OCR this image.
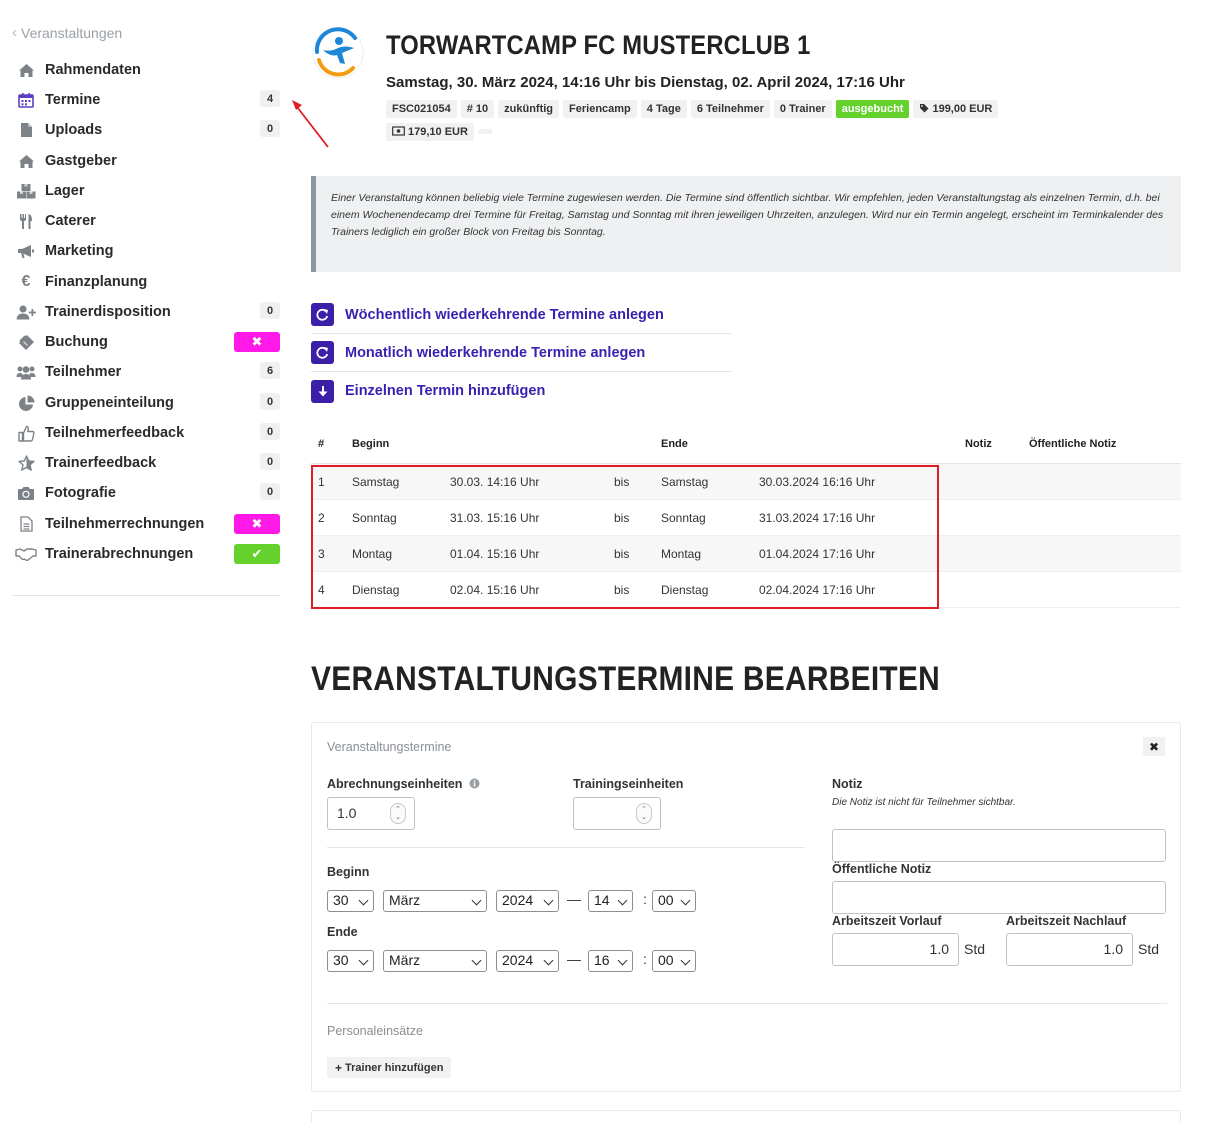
‹ Veranstaltungen
Rahmendaten
Termine	4
Uploads	0
Gastgeber
Lager
Caterer
Marketing
€	Finanzplanung
Trainerdisposition	0
Buchung	✖
Teilnehmer	6
Gruppeneinteilung	0
Teilnehmerfeedback	0
Trainerfeedback	0
Fotografie	0
Teilnehmerrechnungen	✖
Trainerabrechnungen	✔
TORWARTCAMP FC MUSTERCLUB 1
Samstag, 30. März 2024, 14:16 Uhr bis Dienstag, 02. April 2024, 17:16 Uhr
FSC021054	# 10	zukünftig	Feriencamp	4 Tage	6 Teilnehmer	0 Trainer	ausgebucht	199,00 EUR
179,10 EUR
Einer Veranstaltung können beliebig viele Termine zugewiesen werden. Die Termine sind öffentlich sichtbar. Wir empfehlen, jeden Veranstaltungstag als einzelnen Termin, d.h. bei einem Wochenendecamp drei Termine für Freitag, Samstag und Sonntag mit ihren jeweiligen Uhrzeiten, anzulegen. Wird nur ein Termin angelegt, erscheint im Terminkalender des Trainers lediglich ein großer Block von Freitag bis Sonntag.
Wöchentlich wiederkehrende Termine anlegen
Monatlich wiederkehrende Termine anlegen
Einzelnen Termin hinzufügen
#	Beginn	Ende	Notiz	Öffentliche Notiz
1 Samstag	30.03. 14:16 Uhr	bis	Samstag	30.03.2024 16:16 Uhr
2 Sonntag	31.03. 15:16 Uhr	bis	Sonntag	31.03.2024 17:16 Uhr
3 Montag	01.04. 15:16 Uhr	bis	Montag	01.04.2024 17:16 Uhr
4 Dienstag	02.04. 15:16 Uhr	bis	Dienstag	02.04.2024 17:16 Uhr
VERANSTALTUNGSTERMINE BEARBEITEN
Veranstaltungstermine	✖
Abrechnungseinheiten
1.0	⌃
⌄
Trainingseinheiten
⌃
⌄
Beginn
30	März	2024	— 14	: 00
Ende
30	März	2024	— 16	: 00
Notiz
Die Notiz ist nicht für Teilnehmer sichtbar.
Öffentliche Notiz
Arbeitszeit Vorlauf
1.0	Std
Arbeitszeit Nachlauf
1.0	Std
Personaleinsätze
+ Trainer hinzufügen
